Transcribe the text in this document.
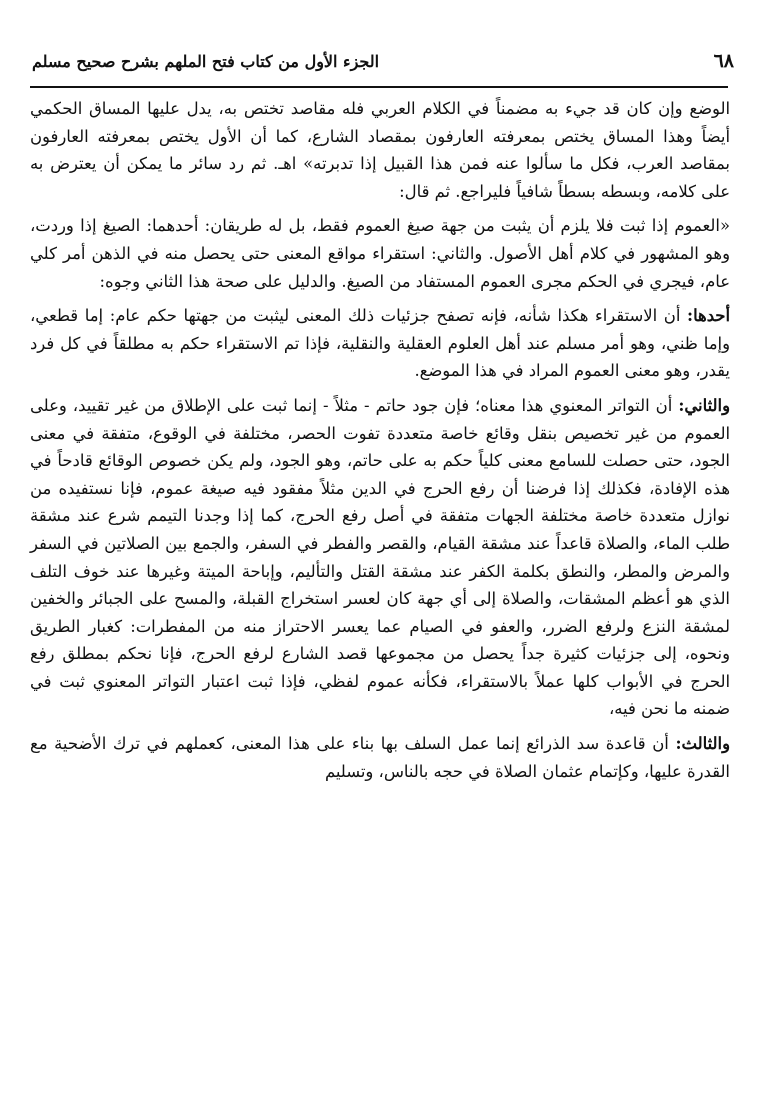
٦٨
الجزء الأول من كتاب فتح الملهم بشرح صحيح مسلم

الوضع وإن كان قد جيء به مضمناً في الكلام العربي فله مقاصد تختص به، يدل عليها المساق الحكمي أيضاً وهذا المساق يختص بمعرفته العارفون بمقصاد الشارع، كما أن الأول يختص بمعرفته العارفون بمقاصد العرب، فكل ما سألوا عنه فمن هذا القبيل إذا تدبرته» اهـ. ثم رد سائر ما يمكن أن يعترض به على كلامه، وبسطه بسطاً شافياً فليراجع. ثم قال:

«العموم إذا ثبت فلا يلزم أن يثبت من جهة صيغ العموم فقط، بل له طريقان: أحدهما: الصيغ إذا وردت، وهو المشهور في كلام أهل الأصول. والثاني: استقراء مواقع المعنى حتى يحصل منه في الذهن أمر كلي عام، فيجري في الحكم مجرى العموم المستفاد من الصيغ. والدليل على صحة هذا الثاني وجوه:

أحدها: أن الاستقراء هكذا شأنه، فإنه تصفح جزئيات ذلك المعنى ليثبت من جهتها حكم عام: إما قطعي، وإما ظني، وهو أمر مسلم عند أهل العلوم العقلية والنقلية، فإذا تم الاستقراء حكم به مطلقاً في كل فرد يقدر، وهو معنى العموم المراد في هذا الموضع.

والثاني: أن التواتر المعنوي هذا معناه؛ فإن جود حاتم - مثلاً - إنما ثبت على الإطلاق من غير تقييد، وعلى العموم من غير تخصيص بنقل وقائع خاصة متعددة تفوت الحصر، مختلفة في الوقوع، متفقة في معنى الجود، حتى حصلت للسامع معنى كلياً حكم به على حاتم، وهو الجود، ولم يكن خصوص الوقائع قادحاً في هذه الإفادة، فكذلك إذا فرضنا أن رفع الحرج في الدين مثلاً مفقود فيه صيغة عموم، فإنا نستفيده من نوازل متعددة خاصة مختلفة الجهات متفقة في أصل رفع الحرج، كما إذا وجدنا التيمم شرع عند مشقة طلب الماء، والصلاة قاعداً عند مشقة القيام، والقصر والفطر في السفر، والجمع بين الصلاتين في السفر والمرض والمطر، والنطق بكلمة الكفر عند مشقة القتل والتأليم، وإباحة الميتة وغيرها عند خوف التلف الذي هو أعظم المشقات، والصلاة إلى أي جهة كان لعسر استخراج القبلة، والمسح على الجبائر والخفين لمشقة النزع ولرفع الضرر، والعفو في الصيام عما يعسر الاحتراز منه من المفطرات: كغبار الطريق ونحوه، إلى جزئيات كثيرة جداً يحصل من مجموعها قصد الشارع لرفع الحرج، فإنا نحكم بمطلق رفع الحرج في الأبواب كلها عملاً بالاستقراء، فكأنه عموم لفظي، فإذا ثبت اعتبار التواتر المعنوي ثبت في ضمنه ما نحن فيه،

والثالث: أن قاعدة سد الذرائع إنما عمل السلف بها بناء على هذا المعنى، كعملهم في ترك الأضحية مع القدرة عليها، وكإتمام عثمان الصلاة في حجه بالناس، وتسليم
